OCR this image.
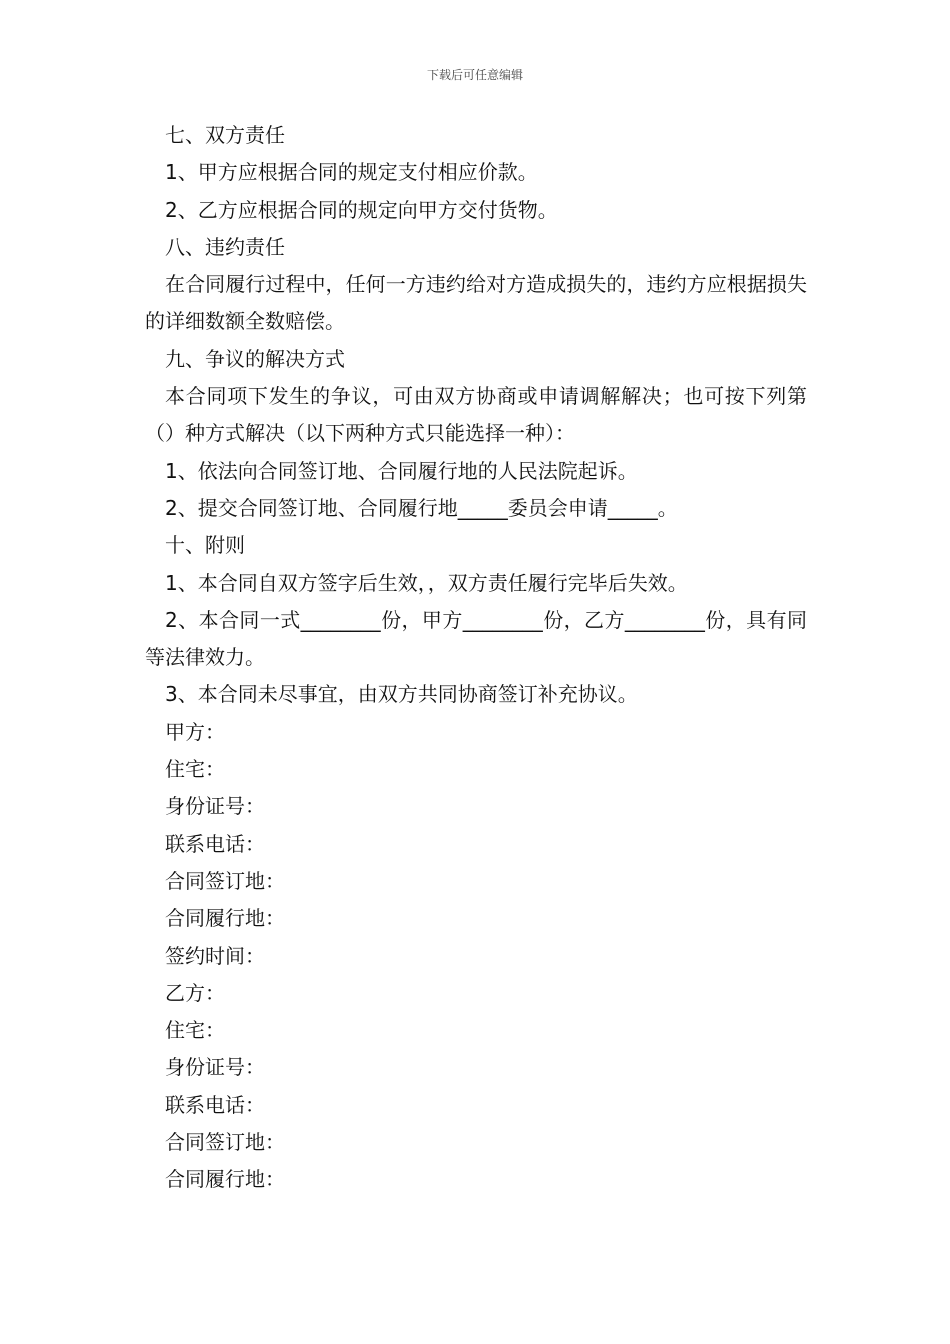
下载后可任意编辑

七、双方责任

1、甲方应根据合同的规定支付相应价款。

2、乙方应根据合同的规定向甲方交付货物。

八、违约责任

在合同履行过程中，任何一方违约给对方造成损失的，违约方应根据损失的详细数额全数赔偿。

九、争议的解决方式

本合同项下发生的争议，可由双方协商或申请调解解决；也可按下列第（）种方式解决（以下两种方式只能选择一种）：

1、依法向合同签订地、合同履行地的人民法院起诉。

2、提交合同签订地、合同履行地_____委员会申请_____。

十、附则

1、本合同自双方签字后生效，，双方责任履行完毕后失效。

2、本合同一式________份，甲方________份，乙方________份，具有同等法律效力。

3、本合同未尽事宜，由双方共同协商签订补充协议。

甲方：

住宅：

身份证号：

联系电话：

合同签订地：

合同履行地：

签约时间：

乙方：

住宅：

身份证号：

联系电话：

合同签订地：

合同履行地：
